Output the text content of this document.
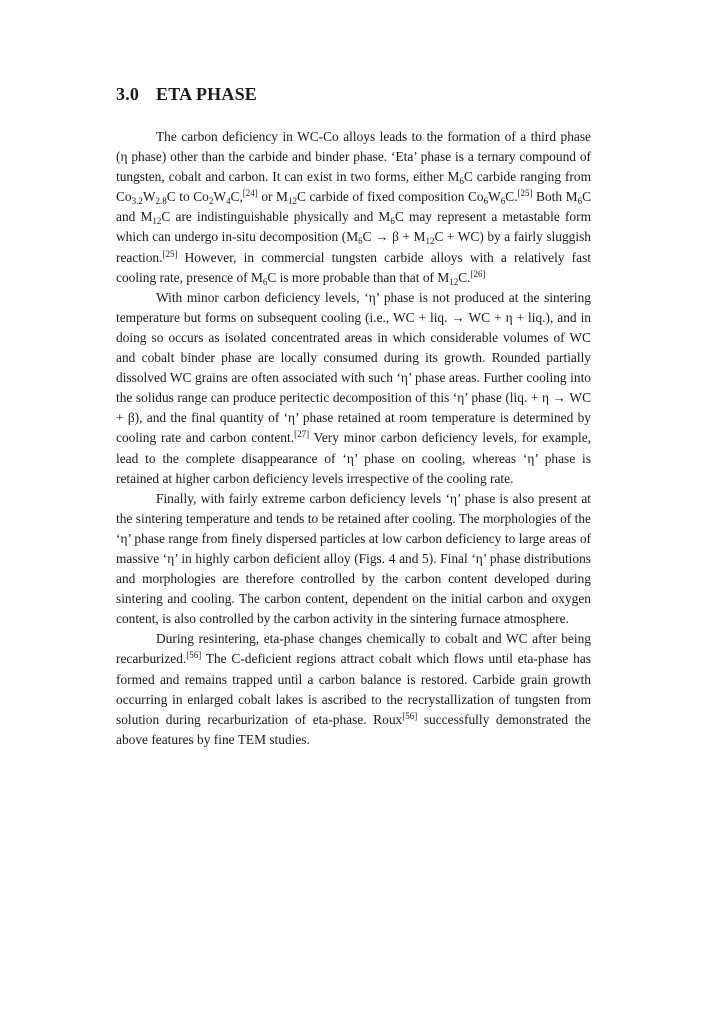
3.0 ETA PHASE

The carbon deficiency in WC-Co alloys leads to the formation of a third phase (η phase) other than the carbide and binder phase. ‘Eta’ phase is a ternary compound of tungsten, cobalt and carbon. It can exist in two forms, either $M_6C$ carbide ranging from $Co_{3.2}W_{2.8}C$ to $Co_2W_4C,[24]$ or $M_{12}C$ carbide of fixed composition $Co_6W_6C.[25]$ Both $M_6C$ and $M_{12}C$ are indistinguishable physically and $M_6C$ may represent a metastable form which can undergo in-situ decomposition $(M_6C \to \beta + M_{12}C + WC)$ by a fairly sluggish reaction.[25] However, in commercial tungsten carbide alloys with a relatively fast cooling rate, presence of $M_6C$ is more probable than that of $M_{12}C.[26]$

With minor carbon deficiency levels, ‘η’ phase is not produced at the sintering temperature but forms on subsequent cooling (i.e., WC + liq. → WC + η + liq.), and in doing so occurs as isolated concentrated areas in which considerable volumes of WC and cobalt binder phase are locally consumed during its growth. Rounded partially dissolved WC grains are often associated with such ‘η’ phase areas. Further cooling into the solidus range can produce peritectic decomposition of this ‘η’ phase (liq. + η → WC + β), and the final quantity of ‘η’ phase retained at room temperature is determined by cooling rate and carbon content.[27] Very minor carbon deficiency levels, for example, lead to the complete disappearance of ‘η’ phase on cooling, whereas ‘η’ phase is retained at higher carbon deficiency levels irrespective of the cooling rate.

Finally, with fairly extreme carbon deficiency levels ‘η’ phase is also present at the sintering temperature and tends to be retained after cooling. The morphologies of the ‘η’ phase range from finely dispersed particles at low carbon deficiency to large areas of massive ‘η’ in highly carbon deficient alloy (Figs. 4 and 5). Final ‘η’ phase distributions and morphologies are therefore controlled by the carbon content developed during sintering and cooling. The carbon content, dependent on the initial carbon and oxygen content, is also controlled by the carbon activity in the sintering furnace atmosphere.

During resintering, eta-phase changes chemically to cobalt and WC after being recarburized.[56] The C-deficient regions attract cobalt which flows until eta-phase has formed and remains trapped until a carbon balance is restored. Carbide grain growth occurring in enlarged cobalt lakes is ascribed to the recrystallization of tungsten from solution during recarburization of eta-phase. Roux[56] successfully demonstrated the above features by fine TEM studies.
